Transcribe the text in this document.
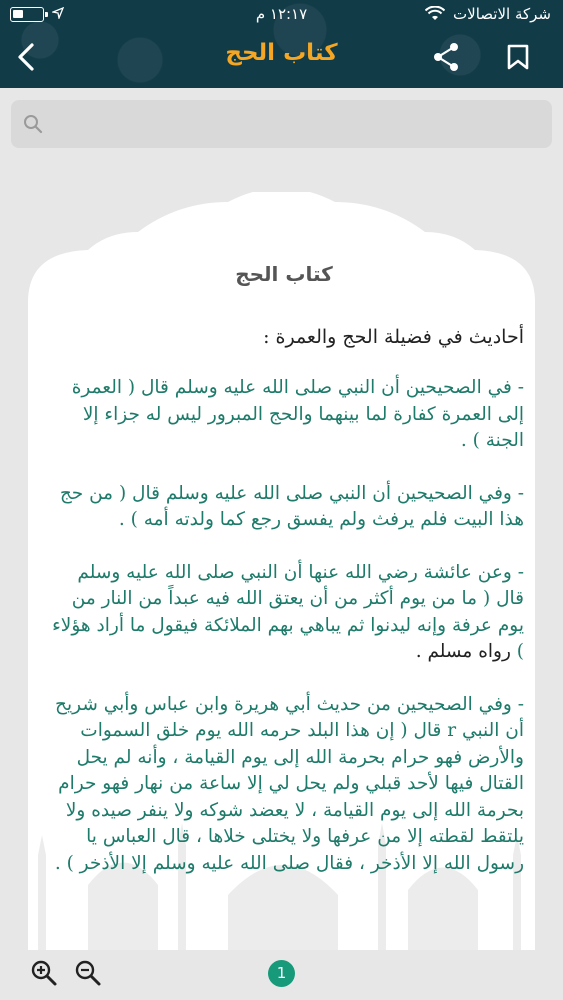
شركة الاتصالات
١٢:١٧ م
كتاب الحج
كتاب الحج
أحاديث في فضيلة الحج والعمرة :

- في الصحيحين أن النبي صلى الله عليه وسلم قال ( العمرة إلى العمرة كفارة لما بينهما والحج المبرور ليس له جزاء إلا الجنة ) .

- وفي الصحيحين أن النبي صلى الله عليه وسلم قال ( من حج هذا البيت فلم يرفث ولم يفسق رجع كما ولدته أمه ) .

- وعن عائشة رضي الله عنها أن النبي صلى الله عليه وسلم قال ( ما من يوم أكثر من أن يعتق الله فيه عبداً من النار من يوم عرفة وإنه ليدنوا ثم يباهي بهم الملائكة فيقول ما أراد هؤلاء ) رواه مسلم .

- وفي الصحيحين من حديث أبي هريرة وابن عباس وأبي شريح أن النبي r قال ( إن هذا البلد حرمه الله يوم خلق السموات والأرض فهو حرام بحرمة الله إلى يوم القيامة ، وأنه لم يحل القتال فيها لأحد قبلي ولم يحل لي إلا ساعة من نهار فهو حرام بحرمة الله إلى يوم القيامة ، لا يعضد شوكه ولا ينفر صيده ولا يلتقط لقطته إلا من عرفها ولا يختلى خلاها ، قال العباس يا رسول الله إلا الأذخر ، فقال صلى الله عليه وسلم إلا الأذخر ) .

1
